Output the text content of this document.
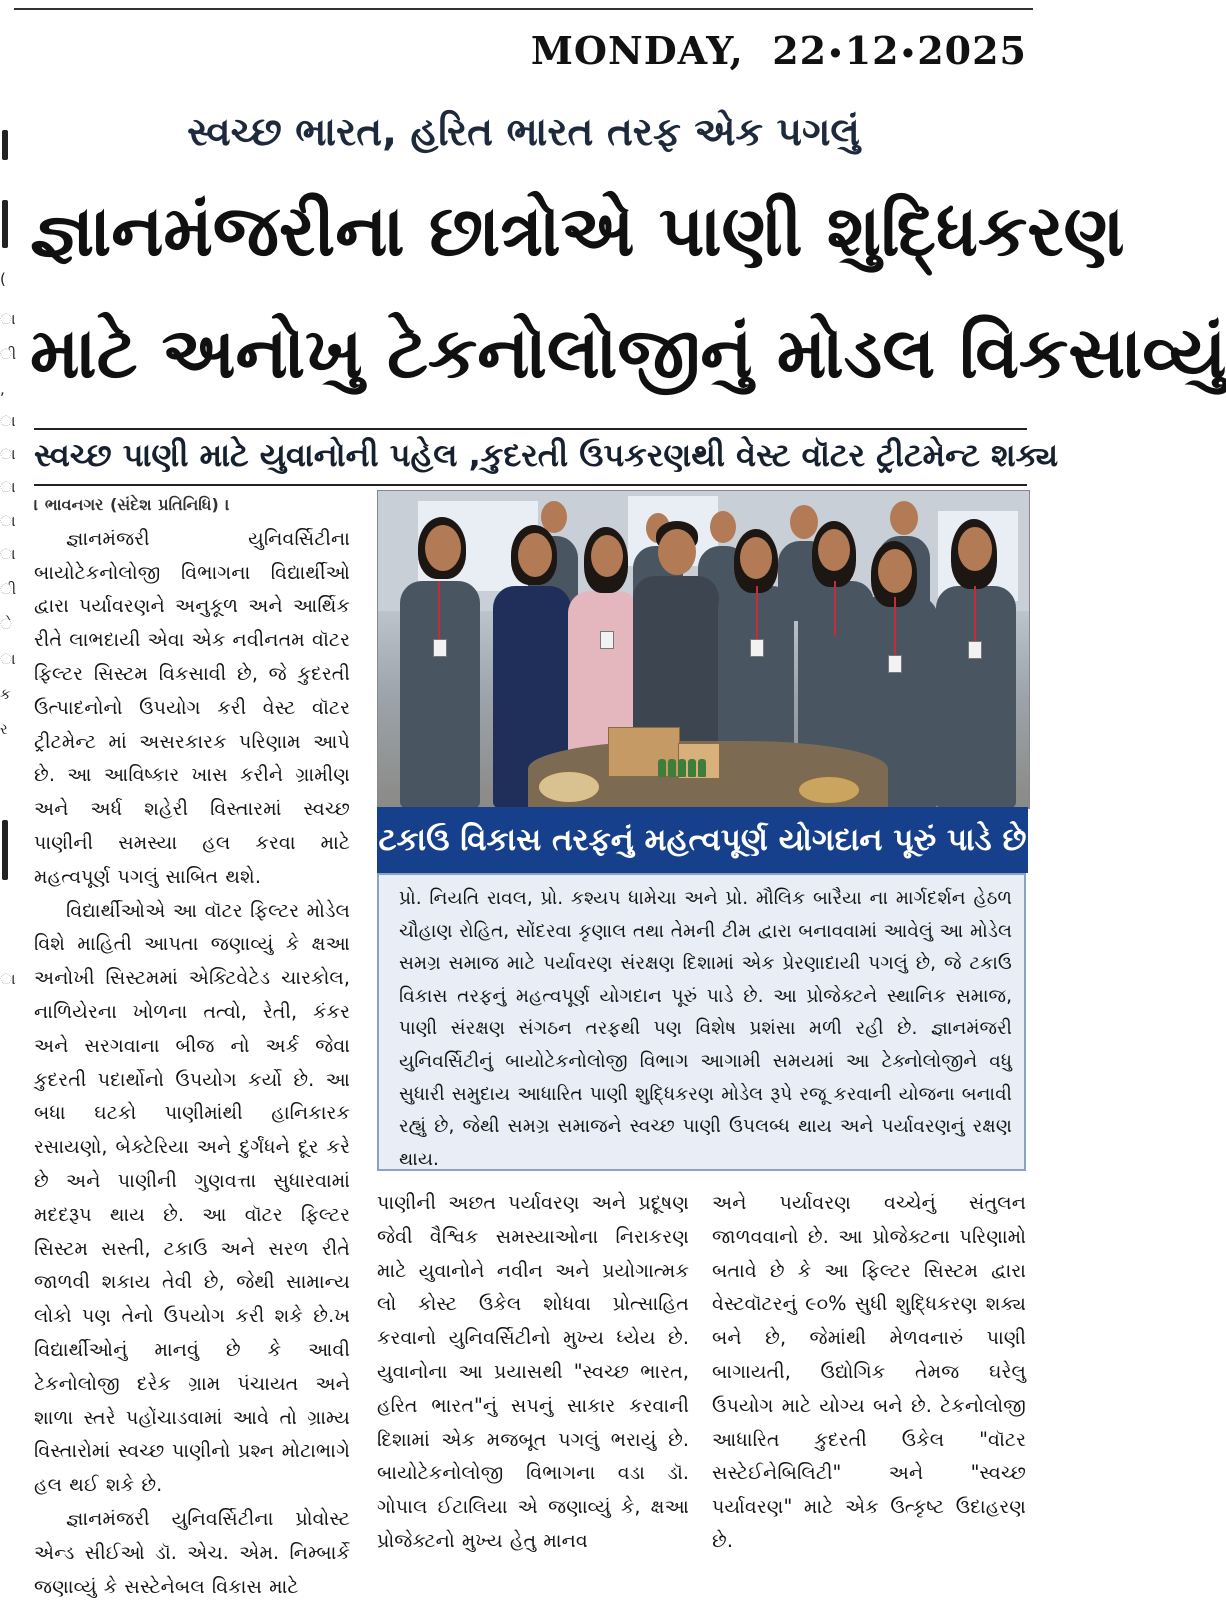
ા
ી
,
ા
ા
ા
ા
ા
ી
ે
ા
ક
ર
ા
(
MONDAY, 22•12•2025
સ્વચ્છ ભારત, હરિત ભારત તરફ એક પગલું
જ્ઞાનમંજરીના છાત્રોએ પાણી શુદ્ધિકરણ
માટે અનોખુ ટેકનોલોજીનું મોડલ વિકસાવ્યું
સ્વચ્છ પાણી માટે યુવાનોની પહેલ ,કુદરતી ઉપકરણથી વેસ્ટ વૉટર ટ્રીટમેન્ટ શક્ય

। ભાવનગર (સંદેશ પ્રતિનિધિ) ।

જ્ઞાનમંજરી યુનિવર્સિટીના બાયોટેકનોલોજી વિભાગના વિદ્યાર્થીઓ દ્વારા પર્યાવરણને અનુકૂળ અને આર્થિક રીતે લાભદાયી એવા એક નવીનતમ વૉટર ફિલ્ટર સિસ્ટમ વિકસાવી છે, જે કુદરતી ઉત્પાદનોનો ઉપયોગ કરી વેસ્ટ વૉટર ટ્રીટમેન્ટ માં અસરકારક પરિણામ આપે છે. આ આવિષ્કાર ખાસ કરીને ગ્રામીણ અને અર્ધ શહેરી વિસ્તારમાં સ્વચ્છ પાણીની સમસ્યા હલ કરવા માટે મહત્વપૂર્ણ પગલું સાબિત થશે.

વિદ્યાર્થીઓએ આ વૉટર ફિલ્ટર મોડેલ વિશે માહિતી આપતા જણાવ્યું કે ક્ષઆ અનોખી સિસ્ટમમાં એક્ટિવેટેડ ચારકોલ, નાળિયેરના ખોળના તત્વો, રેતી, કંકર અને સરગવાના બીજ નો અર્ક જેવા કુદરતી પદાર્થોનો ઉપયોગ કર્યો છે. આ બધા ઘટકો પાણીમાંથી હાનિકારક રસાયણો, બેક્ટેરિયા અને દુર્ગંધને દૂર કરે છે અને પાણીની ગુણવત્તા સુધારવામાં મદદરૂપ થાય છે. આ વૉટર ફિલ્ટર સિસ્ટમ સસ્તી, ટકાઉ અને સરળ રીતે જાળવી શકાય તેવી છે, જેથી સામાન્ય લોકો પણ તેનો ઉપયોગ કરી શકે છે.ખ વિદ્યાર્થીઓનું માનવું છે કે આવી ટેકનોલોજી દરેક ગ્રામ પંચાયત અને શાળા સ્તરે પહોંચાડવામાં આવે તો ગ્રામ્ય વિસ્તારોમાં સ્વચ્છ પાણીનો પ્રશ્ન મોટાભાગે હલ થઈ શકે છે.

જ્ઞાનમંજરી યુનિવર્સિટીના પ્રોવોસ્ટ એન્ડ સીઈઓ ડૉ. એચ. એમ. નિમ્બાર્કે જણાવ્યું કે સસ્ટેનેબલ વિકાસ માટે

ટકાઉ વિકાસ તરફનું મહત્વપૂર્ણ યોગદાન પૂરું પાડે છે

પ્રો. નિયતિ રાવલ, પ્રો. કશ્યપ ધામેચા અને પ્રો. મૌલિક બારૈયા ના માર્ગદર્શન હેઠળ ચૌહાણ રોહિત, સોંદરવા કૃણાલ તથા તેમની ટીમ દ્વારા બનાવવામાં આવેલું આ મોડેલ સમગ્ર સમાજ માટે પર્યાવરણ સંરક્ષણ દિશામાં એક પ્રેરણાદાયી પગલું છે, જે ટકાઉ વિકાસ તરફનું મહત્વપૂર્ણ યોગદાન પૂરું પાડે છે. આ પ્રોજેક્ટને સ્થાનિક સમાજ, પાણી સંરક્ષણ સંગઠન તરફથી પણ વિશેષ પ્રશંસા મળી રહી છે. જ્ઞાનમંજરી યુનિવર્સિટીનું બાયોટેકનોલોજી વિભાગ આગામી સમયમાં આ ટેક્નોલોજીને વધુ સુધારી સમુદાય આધારિત પાણી શુદ્ધિકરણ મોડેલ રૂપે રજૂ કરવાની યોજના બનાવી રહ્યું છે, જેથી સમગ્ર સમાજને સ્વચ્છ પાણી ઉપલબ્ધ થાય અને પર્યાવરણનું રક્ષણ થાય.

પાણીની અછત પર્યાવરણ અને પ્રદૂષણ જેવી વૈશ્વિક સમસ્યાઓના નિરાકરણ માટે યુવાનોને નવીન અને પ્રયોગાત્મક લો કોસ્ટ ઉકેલ શોધવા પ્રોત્સાહિત કરવાનો યુનિવર્સિટીનો મુખ્ય ધ્યેય છે. યુવાનોના આ પ્રયાસથી "સ્વચ્છ ભારત, હરિત ભારત"નું સપનું સાકાર કરવાની દિશામાં એક મજબૂત પગલું ભરાયું છે. બાયોટેકનોલોજી વિભાગના વડા ડૉ. ગોપાલ ઈટાલિયા એ જણાવ્યું કે, ક્ષઆ પ્રોજેક્ટનો મુખ્ય હેતુ માનવ

અને પર્યાવરણ વચ્ચેનું સંતુલન જાળવવાનો છે. આ પ્રોજેક્ટના પરિણામો બતાવે છે કે આ ફિલ્ટર સિસ્ટમ દ્વારા વેસ્ટવૉટરનું ૯૦% સુધી શુદ્ધિકરણ શક્ય બને છે, જેમાંથી મેળવનારું પાણી બાગાયતી, ઉદ્યોગિક તેમજ ઘરેલુ ઉપયોગ માટે યોગ્ય બને છે. ટેકનોલોજી આધારિત કુદરતી ઉકેલ "વૉટર સસ્ટેઈનેબિલિટી" અને "સ્વચ્છ પર્યાવરણ" માટે એક ઉત્કૃષ્ટ ઉદાહરણ છે.
